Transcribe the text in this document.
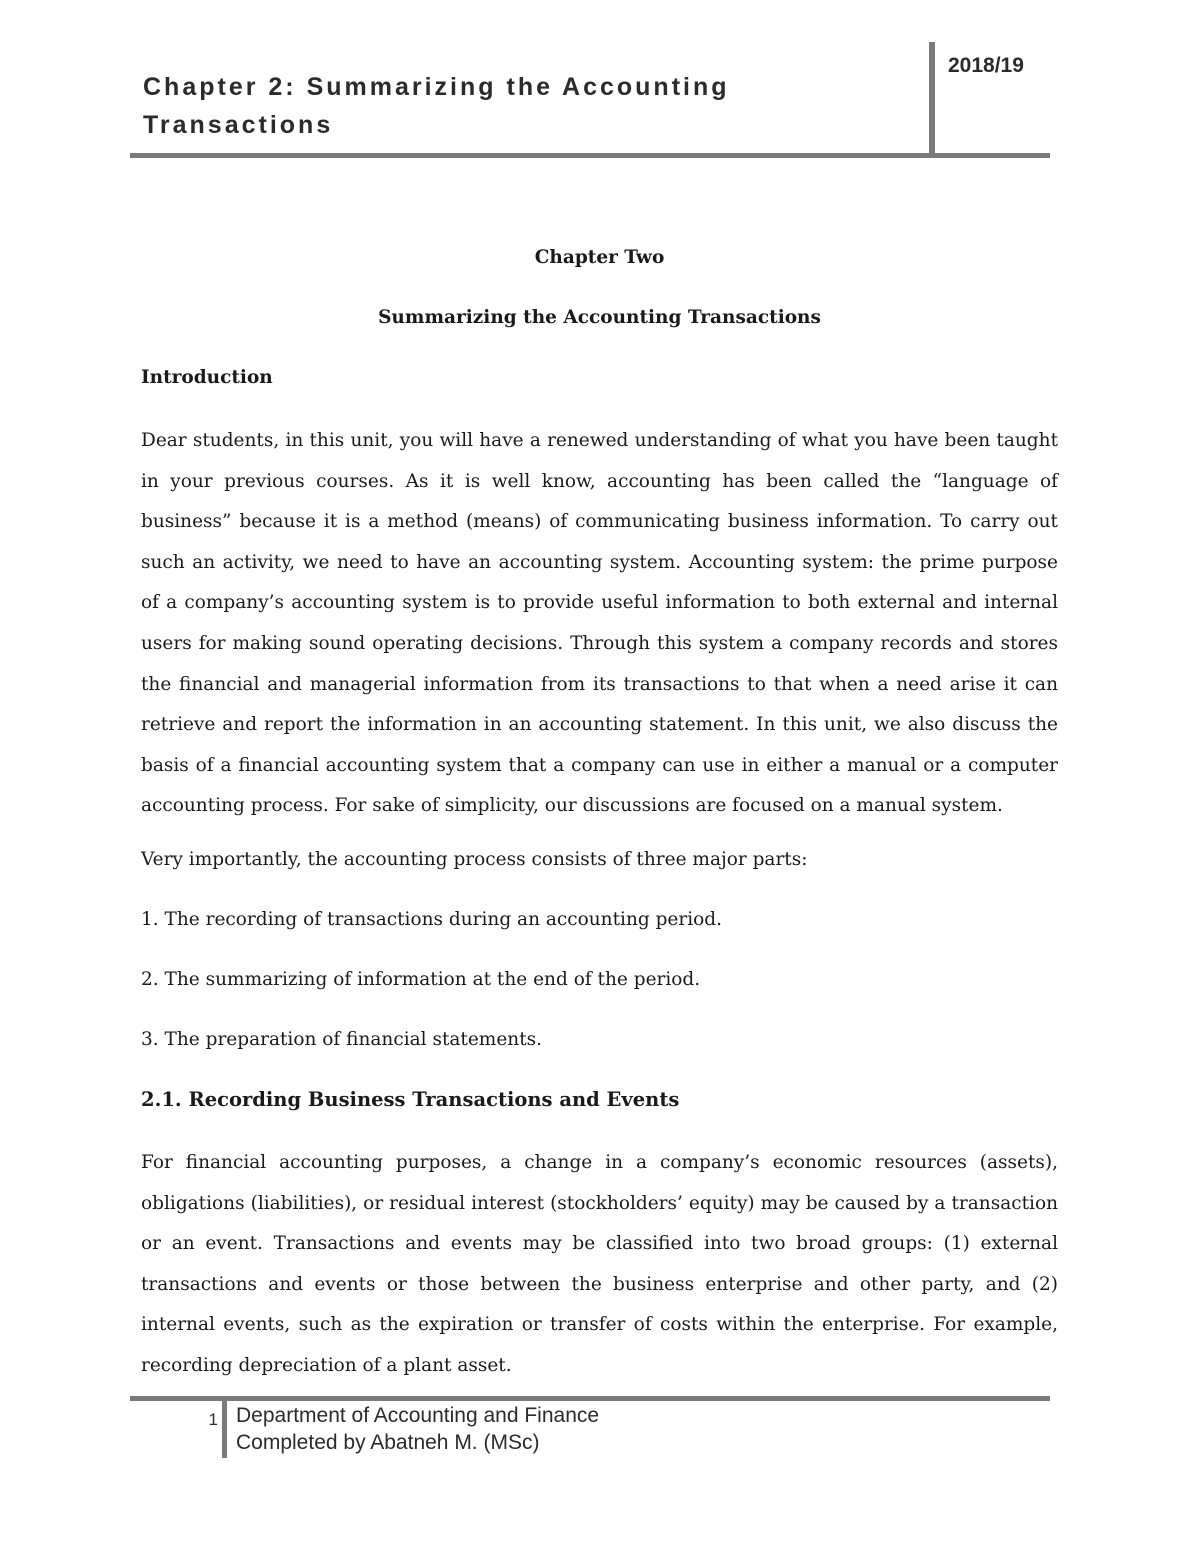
Chapter 2: Summarizing the Accounting
Transactions
2018/19
Chapter Two
Summarizing the Accounting Transactions
Introduction

Dear students, in this unit, you will have a renewed understanding of what you have been taught in your previous courses. As it is well know, accounting has been called the “language of business” because it is a method (means) of communicating business information. To carry out such an activity, we need to have an accounting system. Accounting system: the prime purpose of a company’s accounting system is to provide useful information to both external and internal users for making sound operating decisions. Through this system a company records and stores the financial and managerial information from its transactions to that when a need arise it can retrieve and report the information in an accounting statement. In this unit, we also discuss the basis of a financial accounting system that a company can use in either a manual or a computer accounting process. For sake of simplicity, our discussions are focused on a manual system.

Very importantly, the accounting process consists of three major parts:
1. The recording of transactions during an accounting period.
2. The summarizing of information at the end of the period.
3. The preparation of financial statements.
2.1. Recording Business Transactions and Events

For financial accounting purposes, a change in a company’s economic resources (assets), obligations (liabilities), or residual interest (stockholders’ equity) may be caused by a transaction or an event. Transactions and events may be classified into two broad groups: (1) external transactions and events or those between the business enterprise and other party, and (2) internal events, such as the expiration or transfer of costs within the enterprise. For example, recording depreciation of a plant asset.

1 Department of Accounting and Finance
Completed by Abatneh M. (MSc)
